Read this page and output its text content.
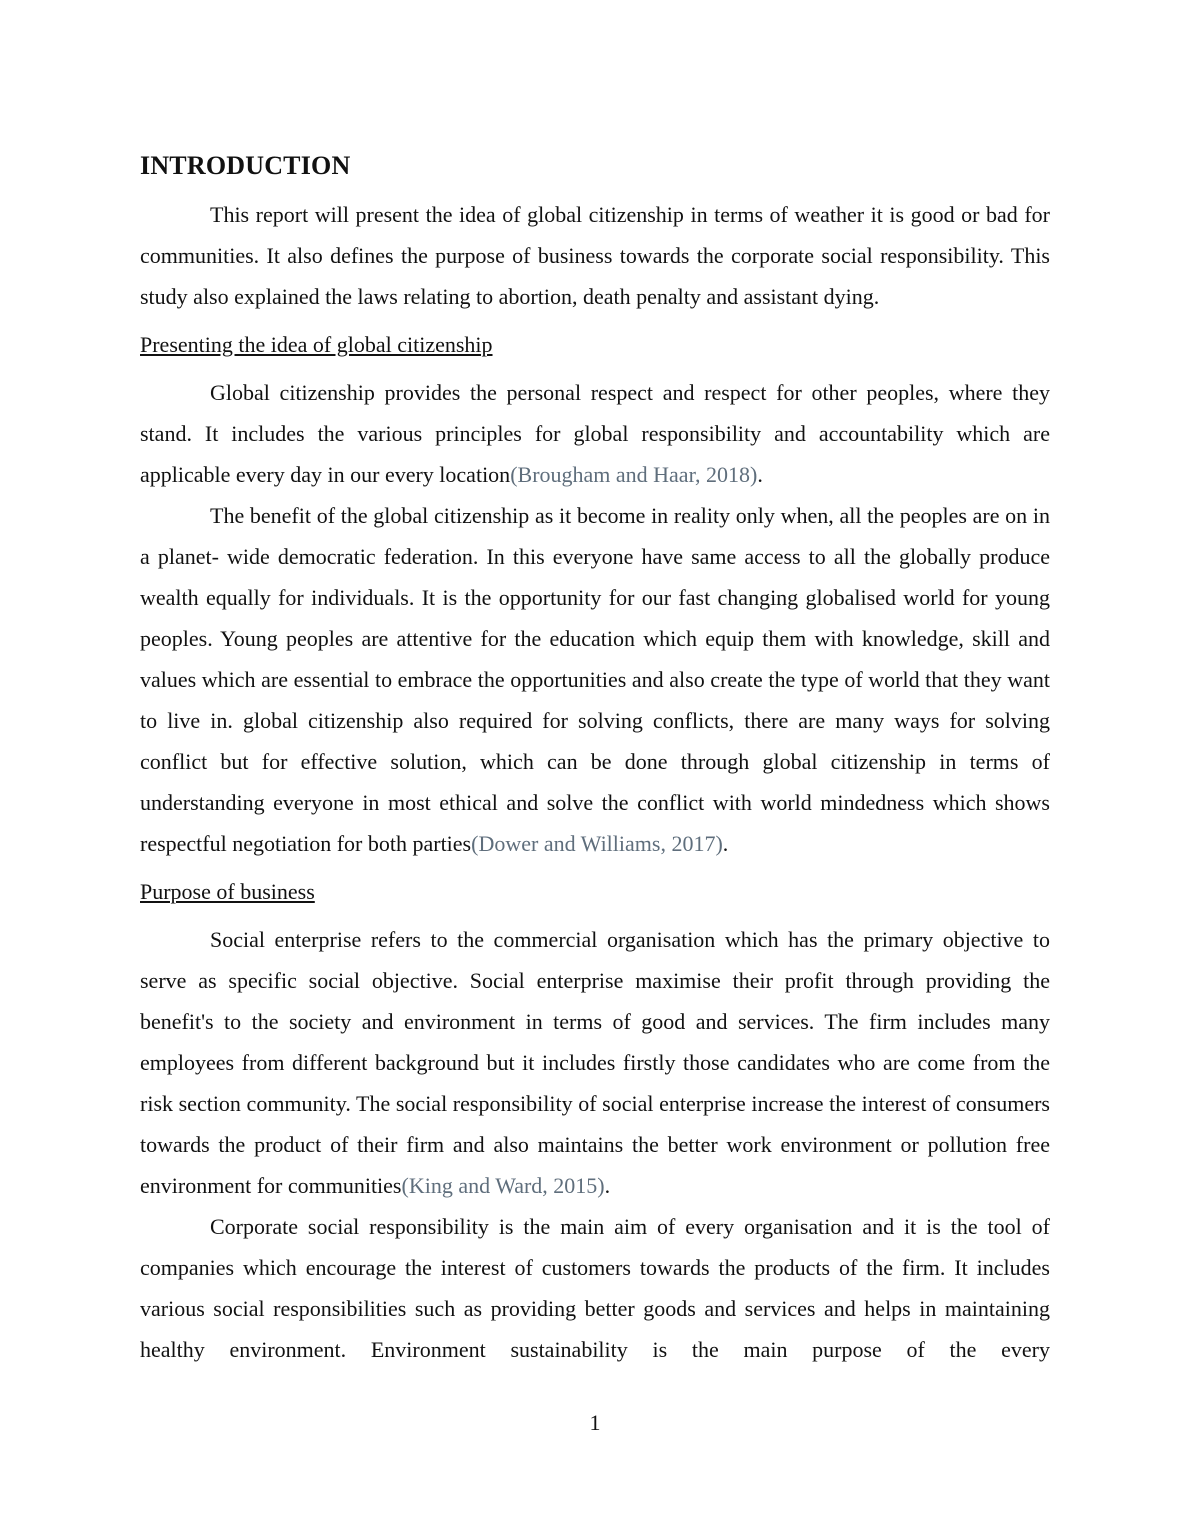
INTRODUCTION

This report will present the idea of global citizenship in terms of weather it is good or bad for communities. It also defines the purpose of business towards the corporate social responsibility. This study also explained the laws relating to abortion, death penalty and assistant dying.

Presenting the idea of global citizenship

Global citizenship provides the personal respect and respect for other peoples, where they stand. It includes the various principles for global responsibility and accountability which are applicable every day in our every location(Brougham and Haar, 2018).

The benefit of the global citizenship as it become in reality only when, all the peoples are on in a planet- wide democratic federation. In this everyone have same access to all the globally produce wealth equally for individuals. It is the opportunity for our fast changing globalised world for young peoples. Young peoples are attentive for the education which equip them with knowledge, skill and values which are essential to embrace the opportunities and also create the type of world that they want to live in. global citizenship also required for solving conflicts, there are many ways for solving conflict but for effective solution, which can be done through global citizenship in terms of understanding everyone in most ethical and solve the conflict with world mindedness which shows respectful negotiation for both parties(Dower and Williams, 2017).

Purpose of business

Social enterprise refers to the commercial organisation which has the primary objective to serve as specific social objective. Social enterprise maximise their profit through providing the benefit's to the society and environment in terms of good and services. The firm includes many employees from different background but it includes firstly those candidates who are come from the risk section community. The social responsibility of social enterprise increase the interest of consumers towards the product of their firm and also maintains the better work environment or pollution free environment for communities(King and Ward, 2015).

Corporate social responsibility is the main aim of every organisation and it is the tool of companies which encourage the interest of customers towards the products of the firm. It includes various social responsibilities such as providing better goods and services and helps in maintaining healthy environment. Environment sustainability is the main purpose of the every

1
